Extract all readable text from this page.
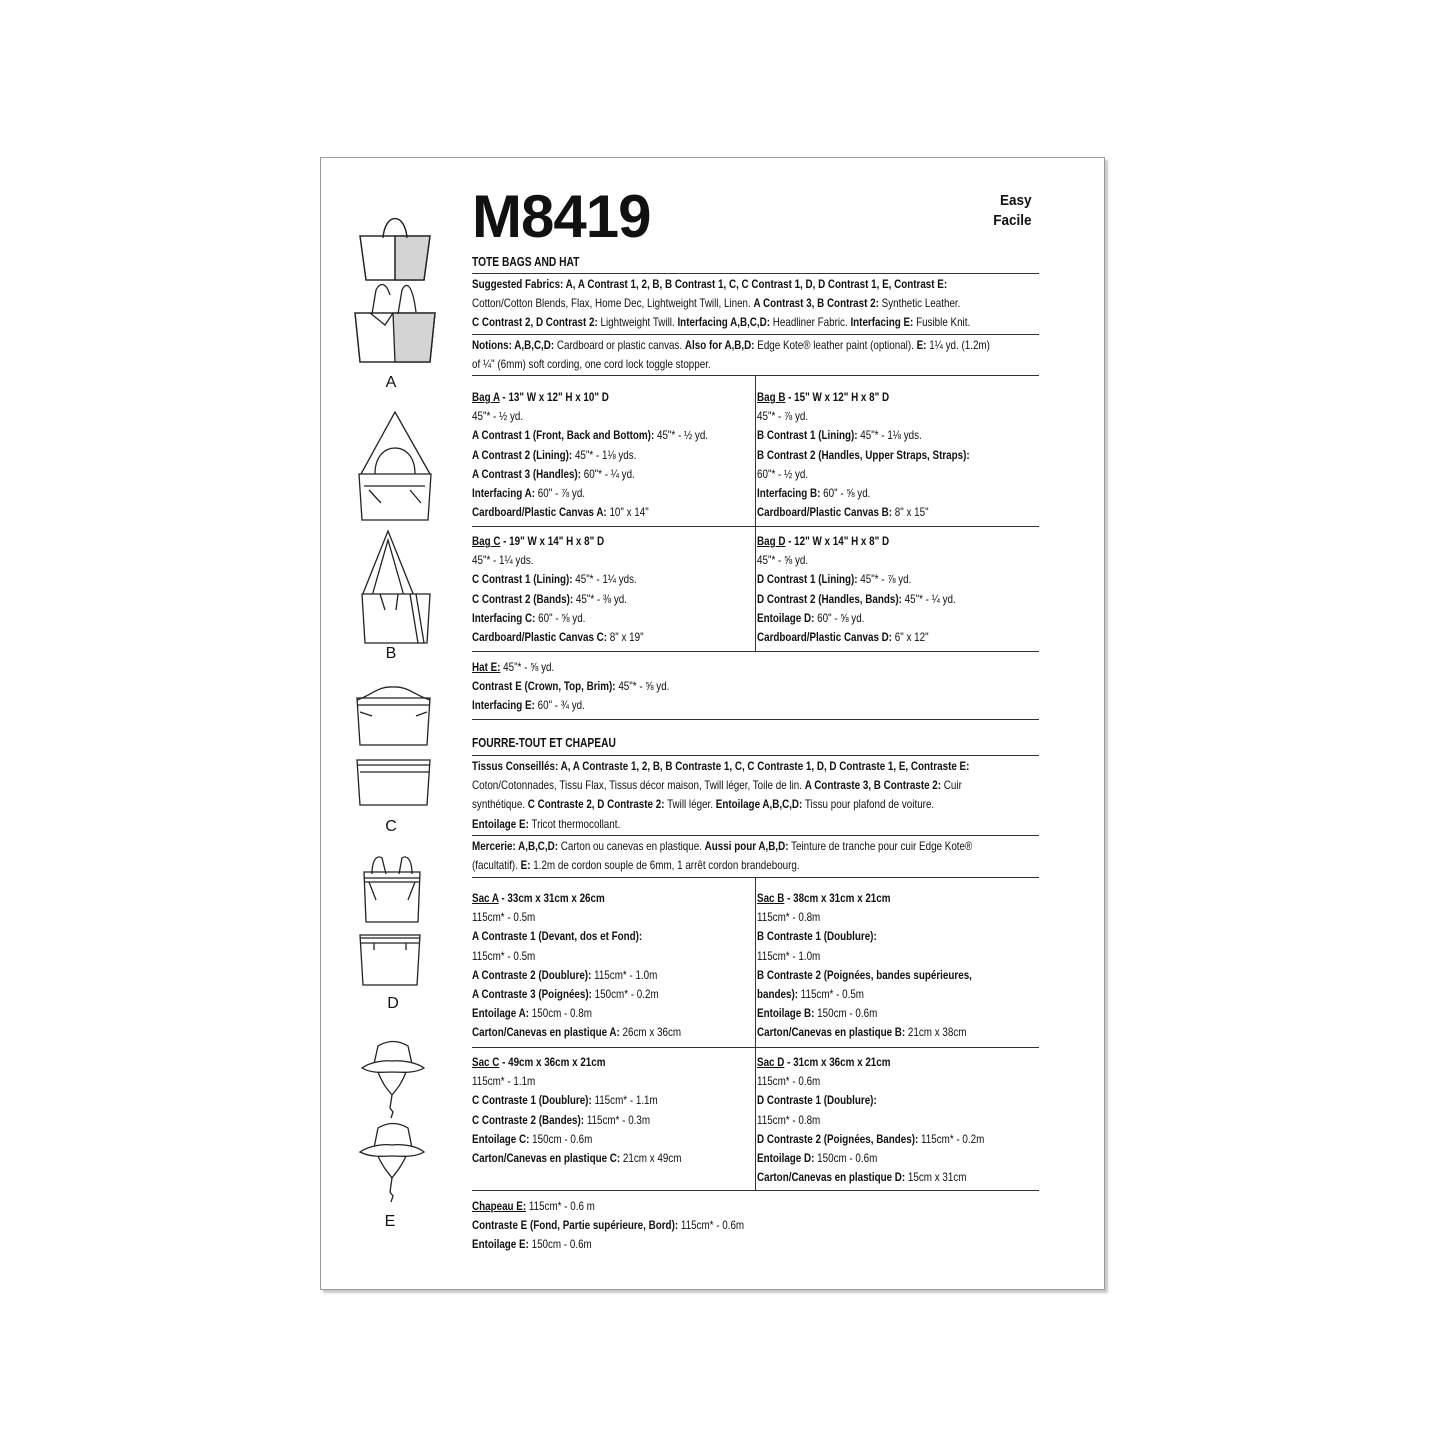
A
B
C
D
E
M8419	Easy
Facile
TOTE BAGS AND HAT
Suggested Fabrics: A, A Contrast 1, 2, B, B Contrast 1, C, C Contrast 1, D, D Contrast 1, E, Contrast E:
Cotton/Cotton Blends, Flax, Home Dec, Lightweight Twill, Linen. A Contrast 3, B Contrast 2: Synthetic Leather.
C Contrast 2, D Contrast 2: Lightweight Twill. Interfacing A,B,C,D: Headliner Fabric. Interfacing E: Fusible Knit.
Notions: A,B,C,D: Cardboard or plastic canvas. Also for A,B,D: Edge Kote® leather paint (optional). E: 1¼ yd. (1.2m)
of ¼" (6mm) soft cording, one cord lock toggle stopper.
Bag A - 13" W x 12" H x 10" D
45"* - ½ yd.
A Contrast 1 (Front, Back and Bottom): 45"* - ½ yd.
A Contrast 2 (Lining): 45"* - 1⅛ yds.
A Contrast 3 (Handles): 60"* - ¼ yd.
Interfacing A: 60" - ⅞ yd.
Cardboard/Plastic Canvas A: 10" x 14"
Bag B - 15" W x 12" H x 8" D
45"* - ⅞ yd.
B Contrast 1 (Lining): 45"* - 1⅛ yds.
B Contrast 2 (Handles, Upper Straps, Straps):
60"* - ½ yd.
Interfacing B: 60" - ⅝ yd.
Cardboard/Plastic Canvas B: 8" x 15"
Bag C - 19" W x 14" H x 8" D
45"* - 1¼ yds.
C Contrast 1 (Lining): 45"* - 1¼ yds.
C Contrast 2 (Bands): 45"* - ⅜ yd.
Interfacing C: 60" - ⅝ yd.
Cardboard/Plastic Canvas C: 8" x 19"
Bag D - 12" W x 14" H x 8" D
45"* - ⅝ yd.
D Contrast 1 (Lining): 45"* - ⅞ yd.
D Contrast 2 (Handles, Bands): 45"* - ¼ yd.
Entoilage D: 60" - ⅝ yd.
Cardboard/Plastic Canvas D: 6" x 12"
Hat E: 45"* - ⅝ yd.
Contrast E (Crown, Top, Brim): 45"* - ⅝ yd.
Interfacing E: 60" - ¾ yd.
FOURRE-TOUT ET CHAPEAU
Tissus Conseillés: A, A Contraste 1, 2, B, B Contraste 1, C, C Contraste 1, D, D Contraste 1, E, Contraste E:
Coton/Cotonnades, Tissu Flax, Tissus décor maison, Twill léger, Toile de lin. A Contraste 3, B Contraste 2: Cuir
synthétique. C Contraste 2, D Contraste 2: Twill léger. Entoilage A,B,C,D: Tissu pour plafond de voiture.
Entoilage E: Tricot thermocollant.
Mercerie: A,B,C,D: Carton ou canevas en plastique. Aussi pour A,B,D: Teinture de tranche pour cuir Edge Kote®
(facultatif). E: 1.2m de cordon souple de 6mm, 1 arrêt cordon brandebourg.
Sac A - 33cm x 31cm x 26cm
115cm* - 0.5m
A Contraste 1 (Devant, dos et Fond):
115cm* - 0.5m
A Contraste 2 (Doublure): 115cm* - 1.0m
A Contraste 3 (Poignées): 150cm* - 0.2m
Entoilage A: 150cm - 0.8m
Carton/Canevas en plastique A: 26cm x 36cm
Sac B - 38cm x 31cm x 21cm
115cm* - 0.8m
B Contraste 1 (Doublure):
115cm* - 1.0m
B Contraste 2 (Poignées, bandes supérieures,
bandes): 115cm* - 0.5m
Entoilage B: 150cm - 0.6m
Carton/Canevas en plastique B: 21cm x 38cm
Sac C - 49cm x 36cm x 21cm
115cm* - 1.1m
C Contraste 1 (Doublure): 115cm* - 1.1m
C Contraste 2 (Bandes): 115cm* - 0.3m
Entoilage C: 150cm - 0.6m
Carton/Canevas en plastique C: 21cm x 49cm
Sac D - 31cm x 36cm x 21cm
115cm* - 0.6m
D Contraste 1 (Doublure):
115cm* - 0.8m
D Contraste 2 (Poignées, Bandes): 115cm* - 0.2m
Entoilage D: 150cm - 0.6m
Carton/Canevas en plastique D: 15cm x 31cm
Chapeau E: 115cm* - 0.6 m
Contraste E (Fond, Partie supérieure, Bord): 115cm* - 0.6m
Entoilage E: 150cm - 0.6m
